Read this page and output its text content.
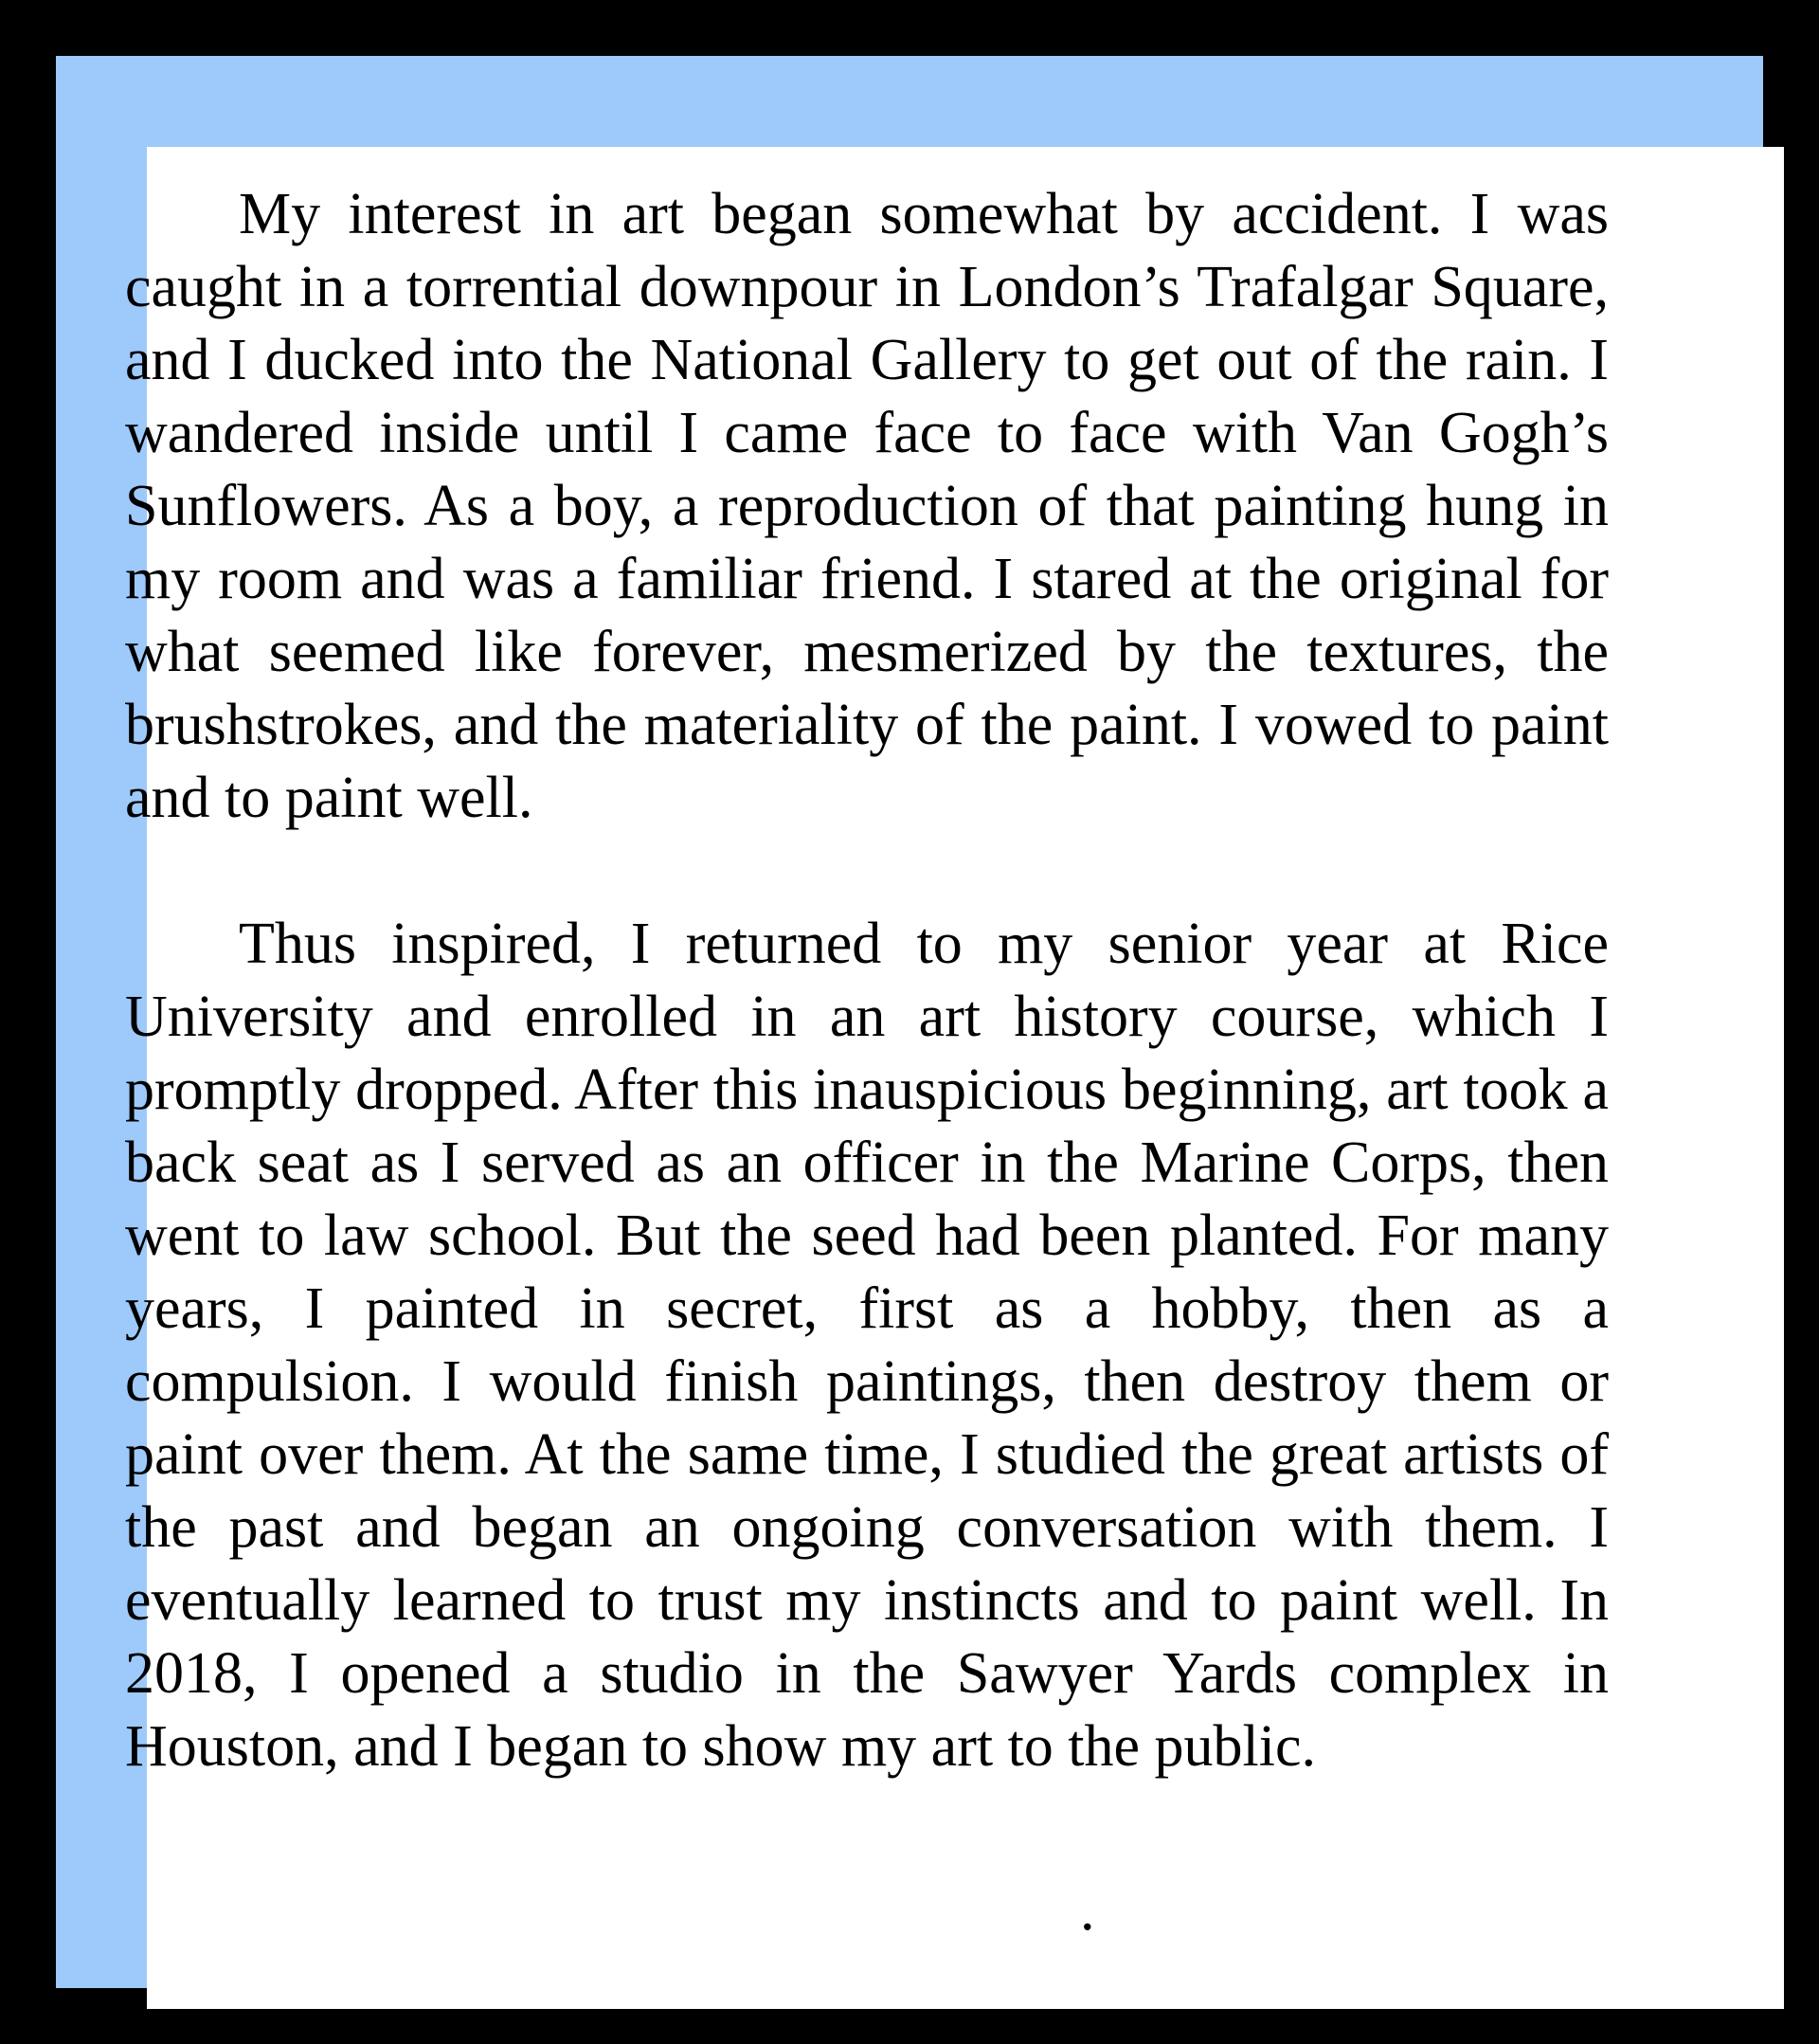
My interest in art began somewhat by accident. I was caught in a torrential downpour in London’s Trafalgar Square, and I ducked into the National Gallery to get out of the rain. I wandered inside until I came face to face with Van Gogh’s Sunflowers. As a boy, a reproduction of that painting hung in my room and was a familiar friend. I stared at the original for what seemed like forever, mesmerized by the textures, the brushstrokes, and the materiality of the paint. I vowed to paint and to paint well.

Thus inspired, I returned to my senior year at Rice University and enrolled in an art history course, which I promptly dropped. After this inauspicious beginning, art took a back seat as I served as an officer in the Marine Corps, then went to law school. But the seed had been planted. For many years, I painted in secret, first as a hobby, then as a compulsion. I would finish paintings, then destroy them or paint over them. At the same time, I studied the great artists of the past and began an ongoing conversation with them. I eventually learned to trust my instincts and to paint well. In 2018, I opened a studio in the Sawyer Yards complex in Houston, and I began to show my art to the public.

.
